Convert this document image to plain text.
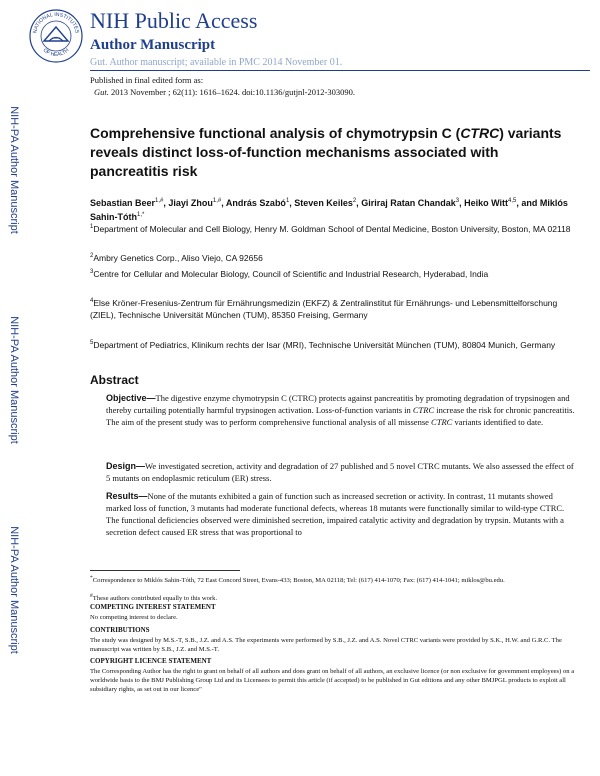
NATIONAL INSTITUTES
OF HEALTH
NIH Public Access
Author Manuscript
Gut. Author manuscript; available in PMC 2014 November 01.
Published in final edited form as:
Gut. 2013 November ; 62(11): 1616–1624. doi:10.1136/gutjnl-2012-303090.
NIH-PA Author Manuscript
NIH-PA Author Manuscript
NIH-PA Author Manuscript
Comprehensive functional analysis of chymotrypsin C (CTRC) variants reveals distinct loss-of-function mechanisms associated with pancreatitis risk
Sebastian Beer$^{1,\#}$, Jiayi Zhou$^{1,\#}$, András Szabó$^1$, Steven Keiles$^2$, Giriraj Ratan Chandak$^3$, Heiko Witt$^{4,5}$, and Miklós Sahin-Tóth$^{1,*}$
$^1$Department of Molecular and Cell Biology, Henry M. Goldman School of Dental Medicine, Boston University, Boston, MA 02118
$^2$Ambry Genetics Corp., Aliso Viejo, CA 92656
$^3$Centre for Cellular and Molecular Biology, Council of Scientific and Industrial Research, Hyderabad, India
$^4$Else Kröner-Fresenius-Zentrum für Ernährungsmedizin (EKFZ) & Zentralinstitut für Ernährungs- und Lebensmittelforschung (ZIEL), Technische Universität München (TUM), 85350 Freising, Germany
$^5$Department of Pediatrics, Klinikum rechts der Isar (MRI), Technische Universität München (TUM), 80804 Munich, Germany
Abstract
Objective—The digestive enzyme chymotrypsin C (CTRC) protects against pancreatitis by promoting degradation of trypsinogen and thereby curtailing potentially harmful trypsinogen activation. Loss-of-function variants in CTRC increase the risk for chronic pancreatitis. The aim of the present study was to perform comprehensive functional analysis of all missense CTRC variants identified to date.
Design—We investigated secretion, activity and degradation of 27 published and 5 novel CTRC mutants. We also assessed the effect of 5 mutants on endoplasmic reticulum (ER) stress.
Results—None of the mutants exhibited a gain of function such as increased secretion or activity. In contrast, 11 mutants showed marked loss of function, 3 mutants had moderate functional defects, whereas 18 mutants were functionally similar to wild-type CTRC. The functional deficiencies observed were diminished secretion, impaired catalytic activity and degradation by trypsin. Mutants with a secretion defect caused ER stress that was proportional to
*Correspondence to Miklós Sahin-Tóth, 72 East Concord Street, Evans-433; Boston, MA 02118; Tel: (617) 414-1070; Fax: (617) 414-1041; miklos@bu.edu.
#These authors contributed equally to this work.
COMPETING INTEREST STATEMENT
No competing interest to declare.
CONTRIBUTIONS
The study was designed by M.S.-T, S.B., J.Z. and A.S. The experiments were performed by S.B., J.Z. and A.S. Novel CTRC variants were provided by S.K., H.W. and G.R.C. The manuscript was written by S.B., J.Z. and M.S.-T.
COPYRIGHT LICENCE STATEMENT
The Corresponding Author has the right to grant on behalf of all authors and does grant on behalf of all authors, an exclusive licence (or non exclusive for government employees) on a worldwide basis to the BMJ Publishing Group Ltd and its Licensees to permit this article (if accepted) to be published in Gut editions and any other BMJPGL products to exploit all subsidiary rights, as set out in our licence"
